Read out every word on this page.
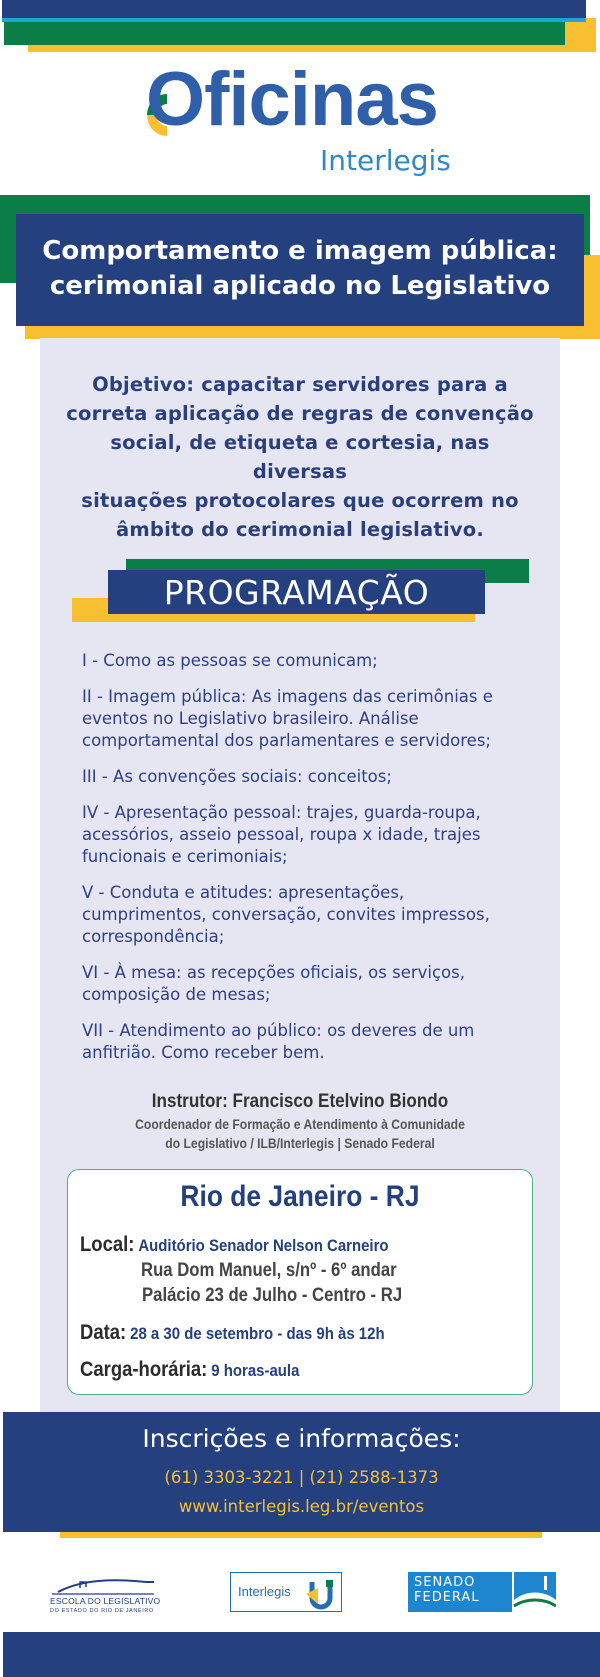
Oficinas
Interlegis
Comportamento e imagem pública:
cerimonial aplicado no Legislativo
Objetivo: capacitar servidores para a
correta aplicação de regras de convenção
social, de etiqueta e cortesia, nas diversas
situações protocolares que ocorrem no
âmbito do cerimonial legislativo.
PROGRAMAÇÃO
I - Como as pessoas se comunicam;
II - Imagem pública: As imagens das cerimônias e eventos no Legislativo brasileiro. Análise comportamental dos parlamentares e servidores;
III - As convenções sociais: conceitos;
IV - Apresentação pessoal: trajes, guarda-roupa, acessórios, asseio pessoal, roupa x idade, trajes funcionais e cerimoniais;
V - Conduta e atitudes: apresentações, cumprimentos, conversação, convites impressos, correspondência;
VI - À mesa: as recepções oficiais, os serviços, composição de mesas;
VII - Atendimento ao público: os deveres de um anfitrião. Como receber bem.
Instrutor: Francisco Etelvino Biondo
Coordenador de Formação e Atendimento à Comunidade
do Legislativo / ILB/Interlegis | Senado Federal
Rio de Janeiro - RJ
Local: Auditório Senador Nelson Carneiro
Rua Dom Manuel, s/nº - 6º andar
Palácio 23 de Julho - Centro - RJ
Data: 28 a 30 de setembro - das 9h às 12h
Carga-horária: 9 horas-aula
Inscrições e informações:
(61) 3303-3221 | (21) 2588-1373
www.interlegis.leg.br/eventos
ESCOLA DO LEGISLATIVO
DO ESTADO DO RIO DE JANEIRO
Interlegis
SENADO
FEDERAL
